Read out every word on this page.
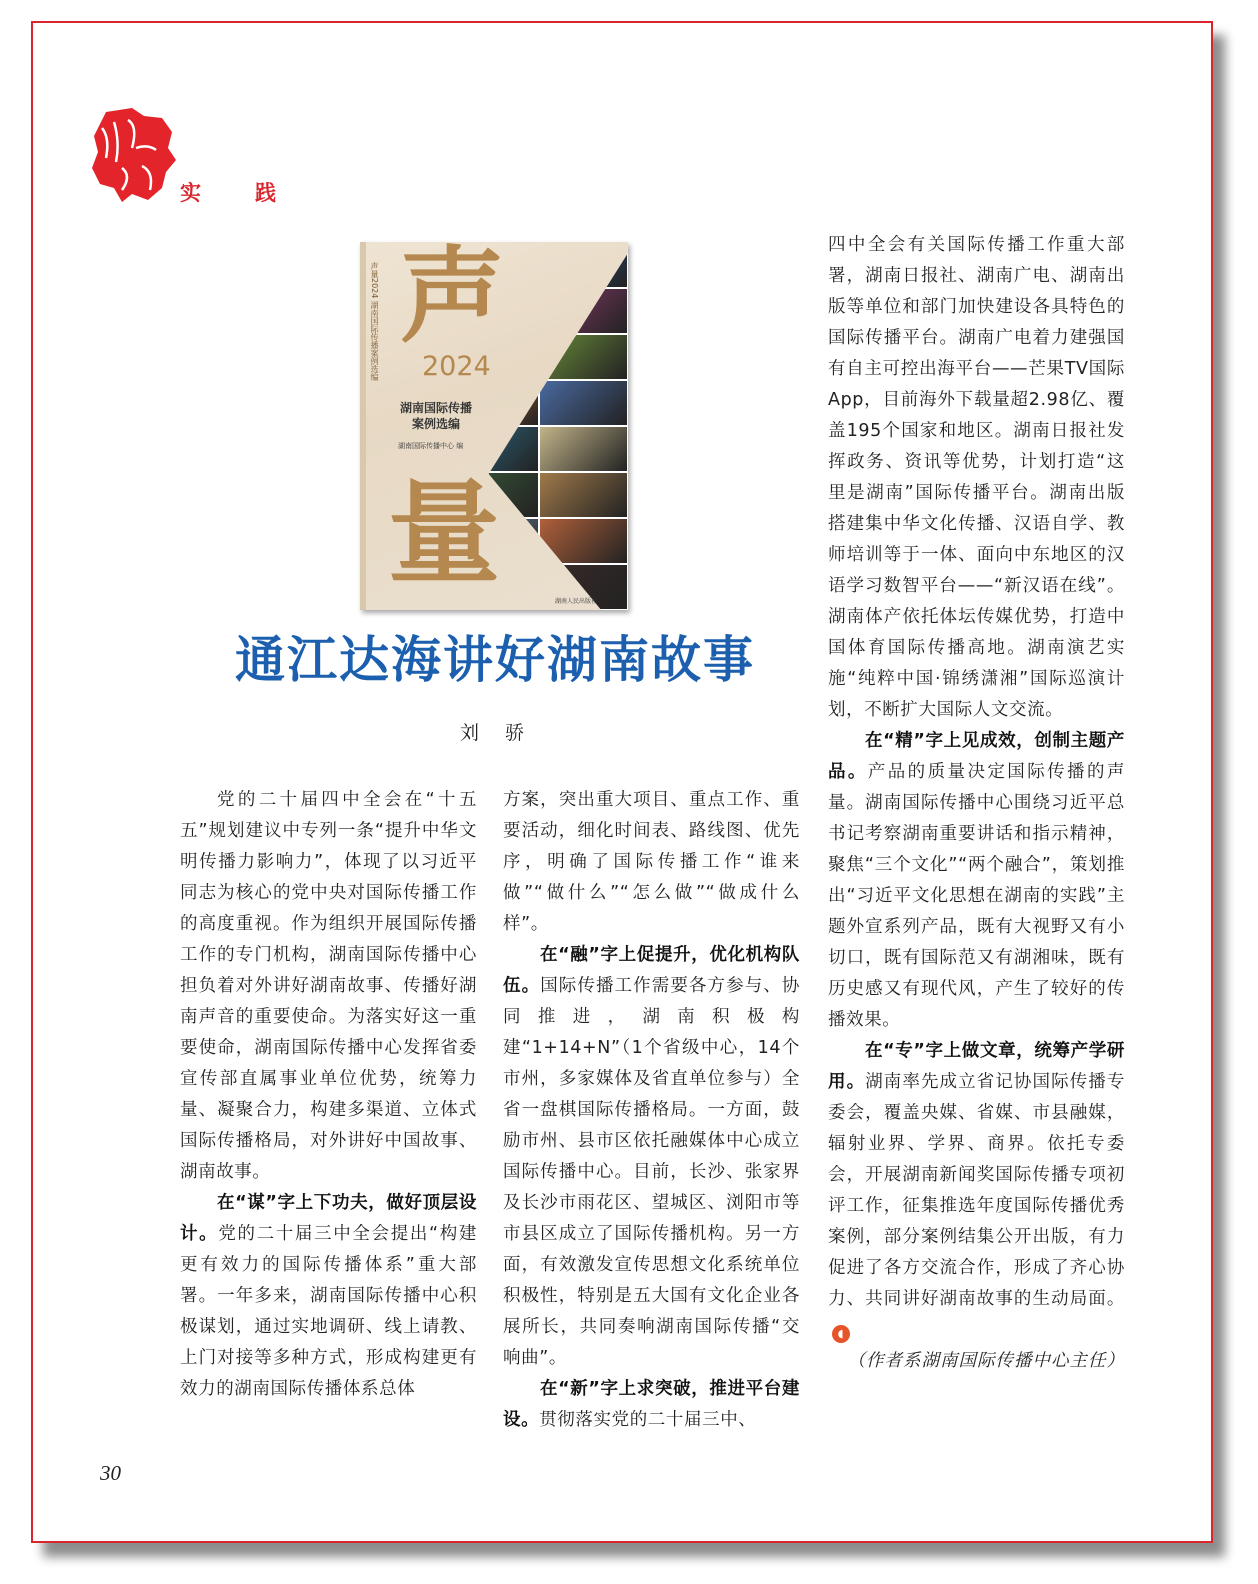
实	践
声
2024
湖南国际传播
案例选编
湖南国际传播中心 编
声量2024 湖南国际传播案例选编
量
湖南人民出版社
通江达海讲好湖南故事
刘骄

党的二十届四中全会在“十五五”规划建议中专列一条“提升中华文明传播力影响力”，体现了以习近平同志为核心的党中央对国际传播工作的高度重视。作为组织开展国际传播工作的专门机构，湖南国际传播中心担负着对外讲好湖南故事、传播好湖南声音的重要使命。为落实好这一重要使命，湖南国际传播中心发挥省委宣传部直属事业单位优势，统筹力量、凝聚合力，构建多渠道、立体式国际传播格局，对外讲好中国故事、湖南故事。

在“谋”字上下功夫，做好顶层设计。党的二十届三中全会提出“构建更有效力的国际传播体系”重大部署。一年多来，湖南国际传播中心积极谋划，通过实地调研、线上请教、上门对接等多种方式，形成构建更有效力的湖南国际传播体系总体

方案，突出重大项目、重点工作、重要活动，细化时间表、路线图、优先序，明确了国际传播工作“谁来做”“做什么”“怎么做”“做成什么样”。

在“融”字上促提升，优化机构队伍。国际传播工作需要各方参与、协同推进，湖南积极构建“1+14+N”（1个省级中心，14个市州，多家媒体及省直单位参与）全省一盘棋国际传播格局。一方面，鼓励市州、县市区依托融媒体中心成立国际传播中心。目前，长沙、张家界及长沙市雨花区、望城区、浏阳市等市县区成立了国际传播机构。另一方面，有效激发宣传思想文化系统单位积极性，特别是五大国有文化企业各展所长，共同奏响湖南国际传播“交响曲”。

在“新”字上求突破，推进平台建设。贯彻落实党的二十届三中、

四中全会有关国际传播工作重大部署，湖南日报社、湖南广电、湖南出版等单位和部门加快建设各具特色的国际传播平台。湖南广电着力建强国有自主可控出海平台——芒果TV国际App，目前海外下载量超2.98亿、覆盖195个国家和地区。湖南日报社发挥政务、资讯等优势，计划打造“这里是湖南”国际传播平台。湖南出版搭建集中华文化传播、汉语自学、教师培训等于一体、面向中东地区的汉语学习数智平台——“新汉语在线”。湖南体产依托体坛传媒优势，打造中国体育国际传播高地。湖南演艺实施“纯粹中国·锦绣潇湘”国际巡演计划，不断扩大国际人文交流。

在“精”字上见成效，创制主题产品。产品的质量决定国际传播的声量。湖南国际传播中心围绕习近平总书记考察湖南重要讲话和指示精神，聚焦“三个文化”“两个融合”，策划推出“习近平文化思想在湖南的实践”主题外宣系列产品，既有大视野又有小切口，既有国际范又有湖湘味，既有历史感又有现代风，产生了较好的传播效果。

在“专”字上做文章，统筹产学研用。湖南率先成立省记协国际传播专委会，覆盖央媒、省媒、市县融媒，辐射业界、学界、商界。依托专委会，开展湖南新闻奖国际传播专项初评工作，征集推选年度国际传播优秀案例，部分案例结集公开出版，有力促进了各方交流合作，形成了齐心协力、共同讲好湖南故事的生动局面。◖

（作者系湖南国际传播中心主任）

30
